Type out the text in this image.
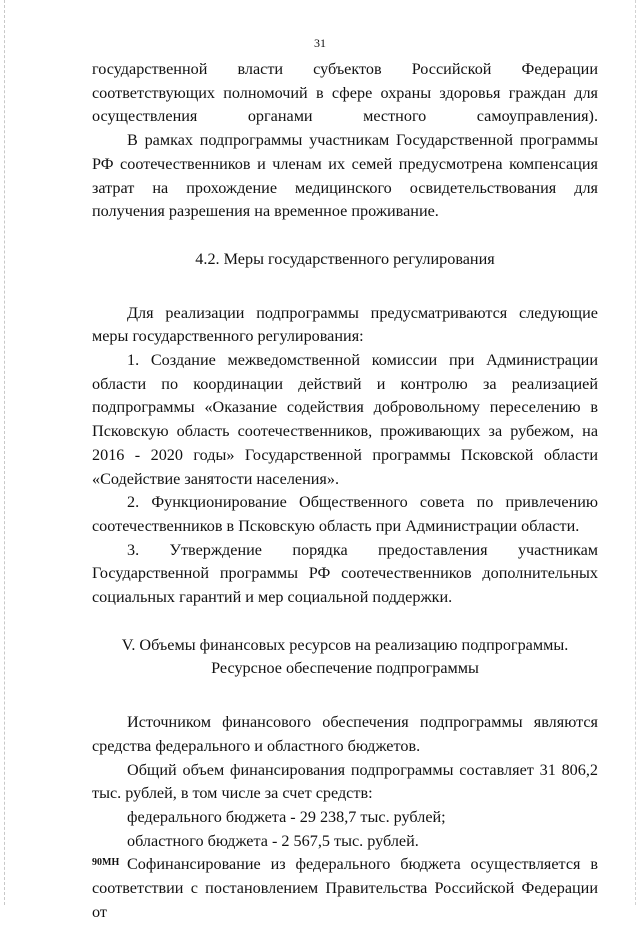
31

государственной власти субъектов Российской Федерации соответствующих полномочий в сфере охраны здоровья граждан для осуществления органами местного самоуправления).

В рамках подпрограммы участникам Государственной программы РФ соотечественников и членам их семей предусмотрена компенсация затрат на прохождение медицинского освидетельствования для получения разрешения на временное проживание.

4.2. Меры государственного регулирования

Для реализации подпрограммы предусматриваются следующие меры государственного регулирования:

1. Создание межведомственной комиссии при Администрации области по координации действий и контролю за реализацией подпрограммы «Оказание содействия добровольному переселению в Псковскую область соотечественников, проживающих за рубежом, на 2016 - 2020 годы» Государственной программы Псковской области «Содействие занятости населения».

2. Функционирование Общественного совета по привлечению соотечественников в Псковскую область при Администрации области.

3. Утверждение порядка предоставления участникам Государственной программы РФ соотечественников дополнительных социальных гарантий и мер социальной поддержки.

V. Объемы финансовых ресурсов на реализацию подпрограммы.

Ресурсное обеспечение подпрограммы

Источником финансового обеспечения подпрограммы являются средства федерального и областного бюджетов.

Общий объем финансирования подпрограммы составляет 31 806,2 тыс. рублей, в том числе за счет средств:

федерального бюджета - 29 238,7 тыс. рублей;

областного бюджета - 2 567,5 тыс. рублей.

Софинансирование из федерального бюджета осуществляется в соответствии с постановлением Правительства Российской Федерации от

90МН
